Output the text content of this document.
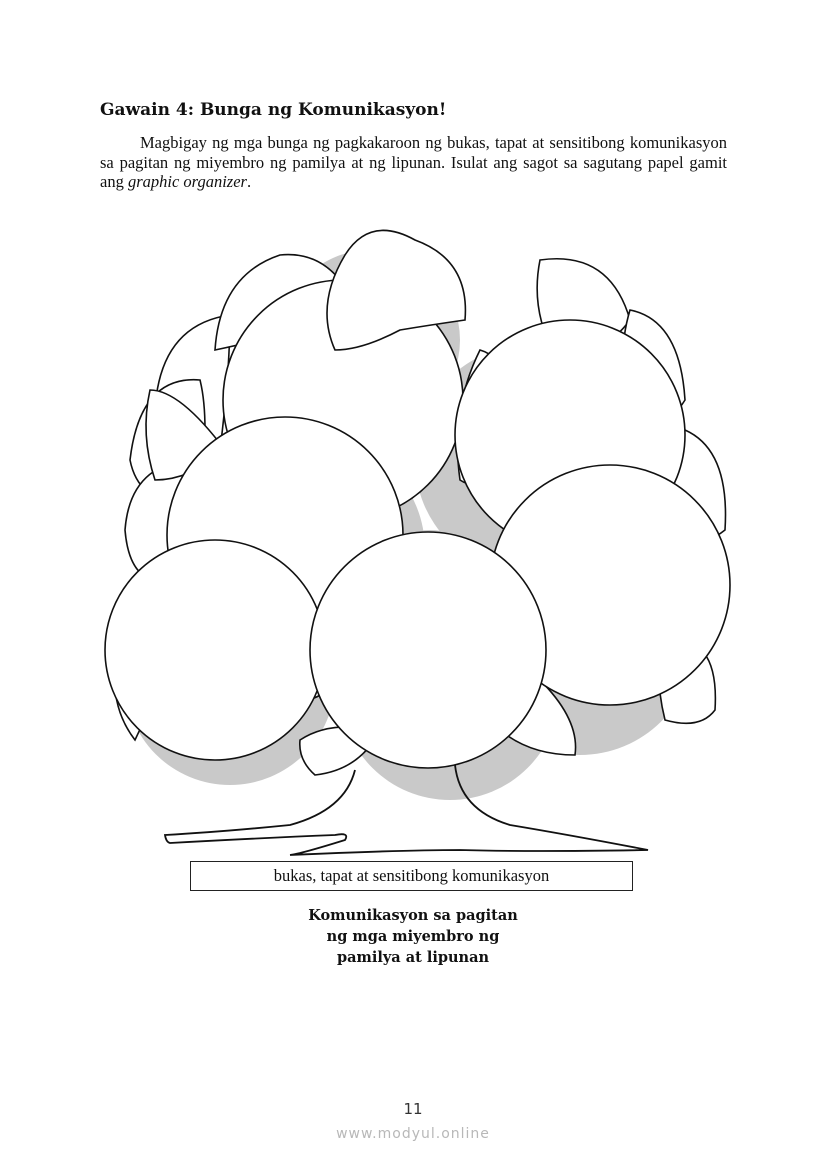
Gawain 4: Bunga ng Komunikasyon!

Magbigay ng mga bunga ng pagkakaroon ng bukas, tapat at sensitibong komunikasyon sa pagitan ng miyembro ng pamilya at ng lipunan. Isulat ang sagot sa sagutang papel gamit ang graphic organizer.

bukas, tapat at sensitibong komunikasyon
Komunikasyon sa pagitan
ng mga miyembro ng
pamilya at lipunan
11
www.modyul.online
